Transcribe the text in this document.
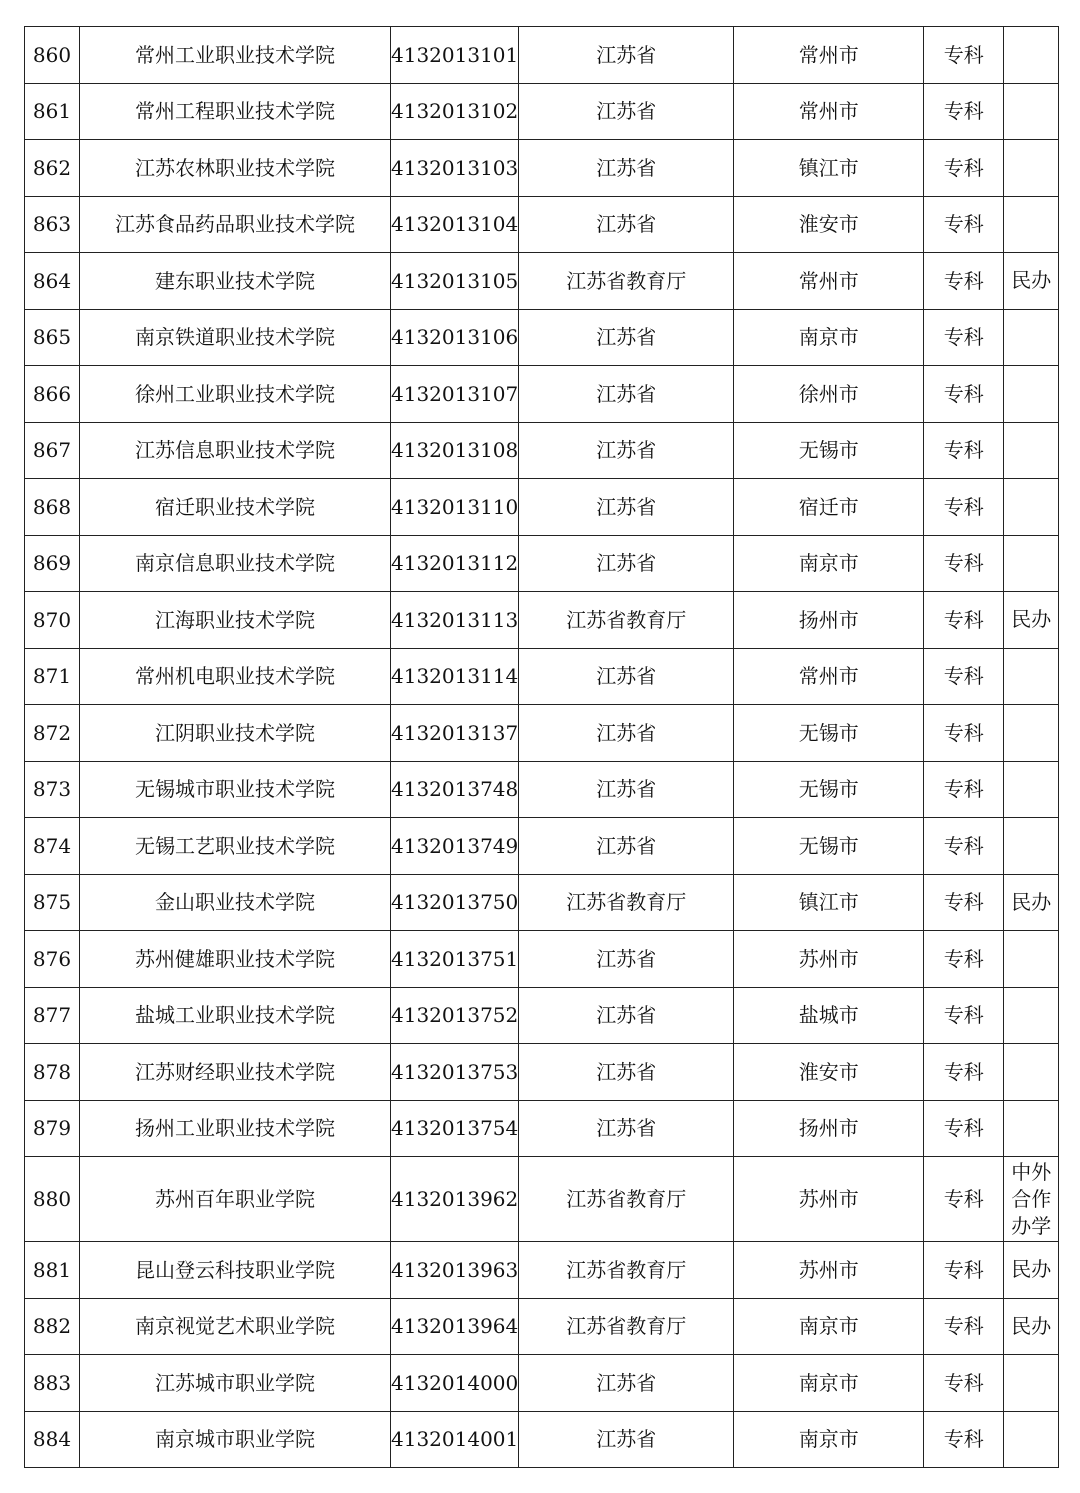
860	常州工业职业技术学院	4132013101	江苏省	常州市	专科	
861	常州工程职业技术学院	4132013102	江苏省	常州市	专科	
862	江苏农林职业技术学院	4132013103	江苏省	镇江市	专科	
863	江苏食品药品职业技术学院	4132013104	江苏省	淮安市	专科	
864	建东职业技术学院	4132013105	江苏省教育厅	常州市	专科	民办
865	南京铁道职业技术学院	4132013106	江苏省	南京市	专科	
866	徐州工业职业技术学院	4132013107	江苏省	徐州市	专科	
867	江苏信息职业技术学院	4132013108	江苏省	无锡市	专科	
868	宿迁职业技术学院	4132013110	江苏省	宿迁市	专科	
869	南京信息职业技术学院	4132013112	江苏省	南京市	专科	
870	江海职业技术学院	4132013113	江苏省教育厅	扬州市	专科	民办
871	常州机电职业技术学院	4132013114	江苏省	常州市	专科	
872	江阴职业技术学院	4132013137	江苏省	无锡市	专科	
873	无锡城市职业技术学院	4132013748	江苏省	无锡市	专科	
874	无锡工艺职业技术学院	4132013749	江苏省	无锡市	专科	
875	金山职业技术学院	4132013750	江苏省教育厅	镇江市	专科	民办
876	苏州健雄职业技术学院	4132013751	江苏省	苏州市	专科	
877	盐城工业职业技术学院	4132013752	江苏省	盐城市	专科	
878	江苏财经职业技术学院	4132013753	江苏省	淮安市	专科	
879	扬州工业职业技术学院	4132013754	江苏省	扬州市	专科	
880	苏州百年职业学院	4132013962	江苏省教育厅	苏州市	专科	中外
合作
办学
881	昆山登云科技职业学院	4132013963	江苏省教育厅	苏州市	专科	民办
882	南京视觉艺术职业学院	4132013964	江苏省教育厅	南京市	专科	民办
883	江苏城市职业学院	4132014000	江苏省	南京市	专科	
884	南京城市职业学院	4132014001	江苏省	南京市	专科	
